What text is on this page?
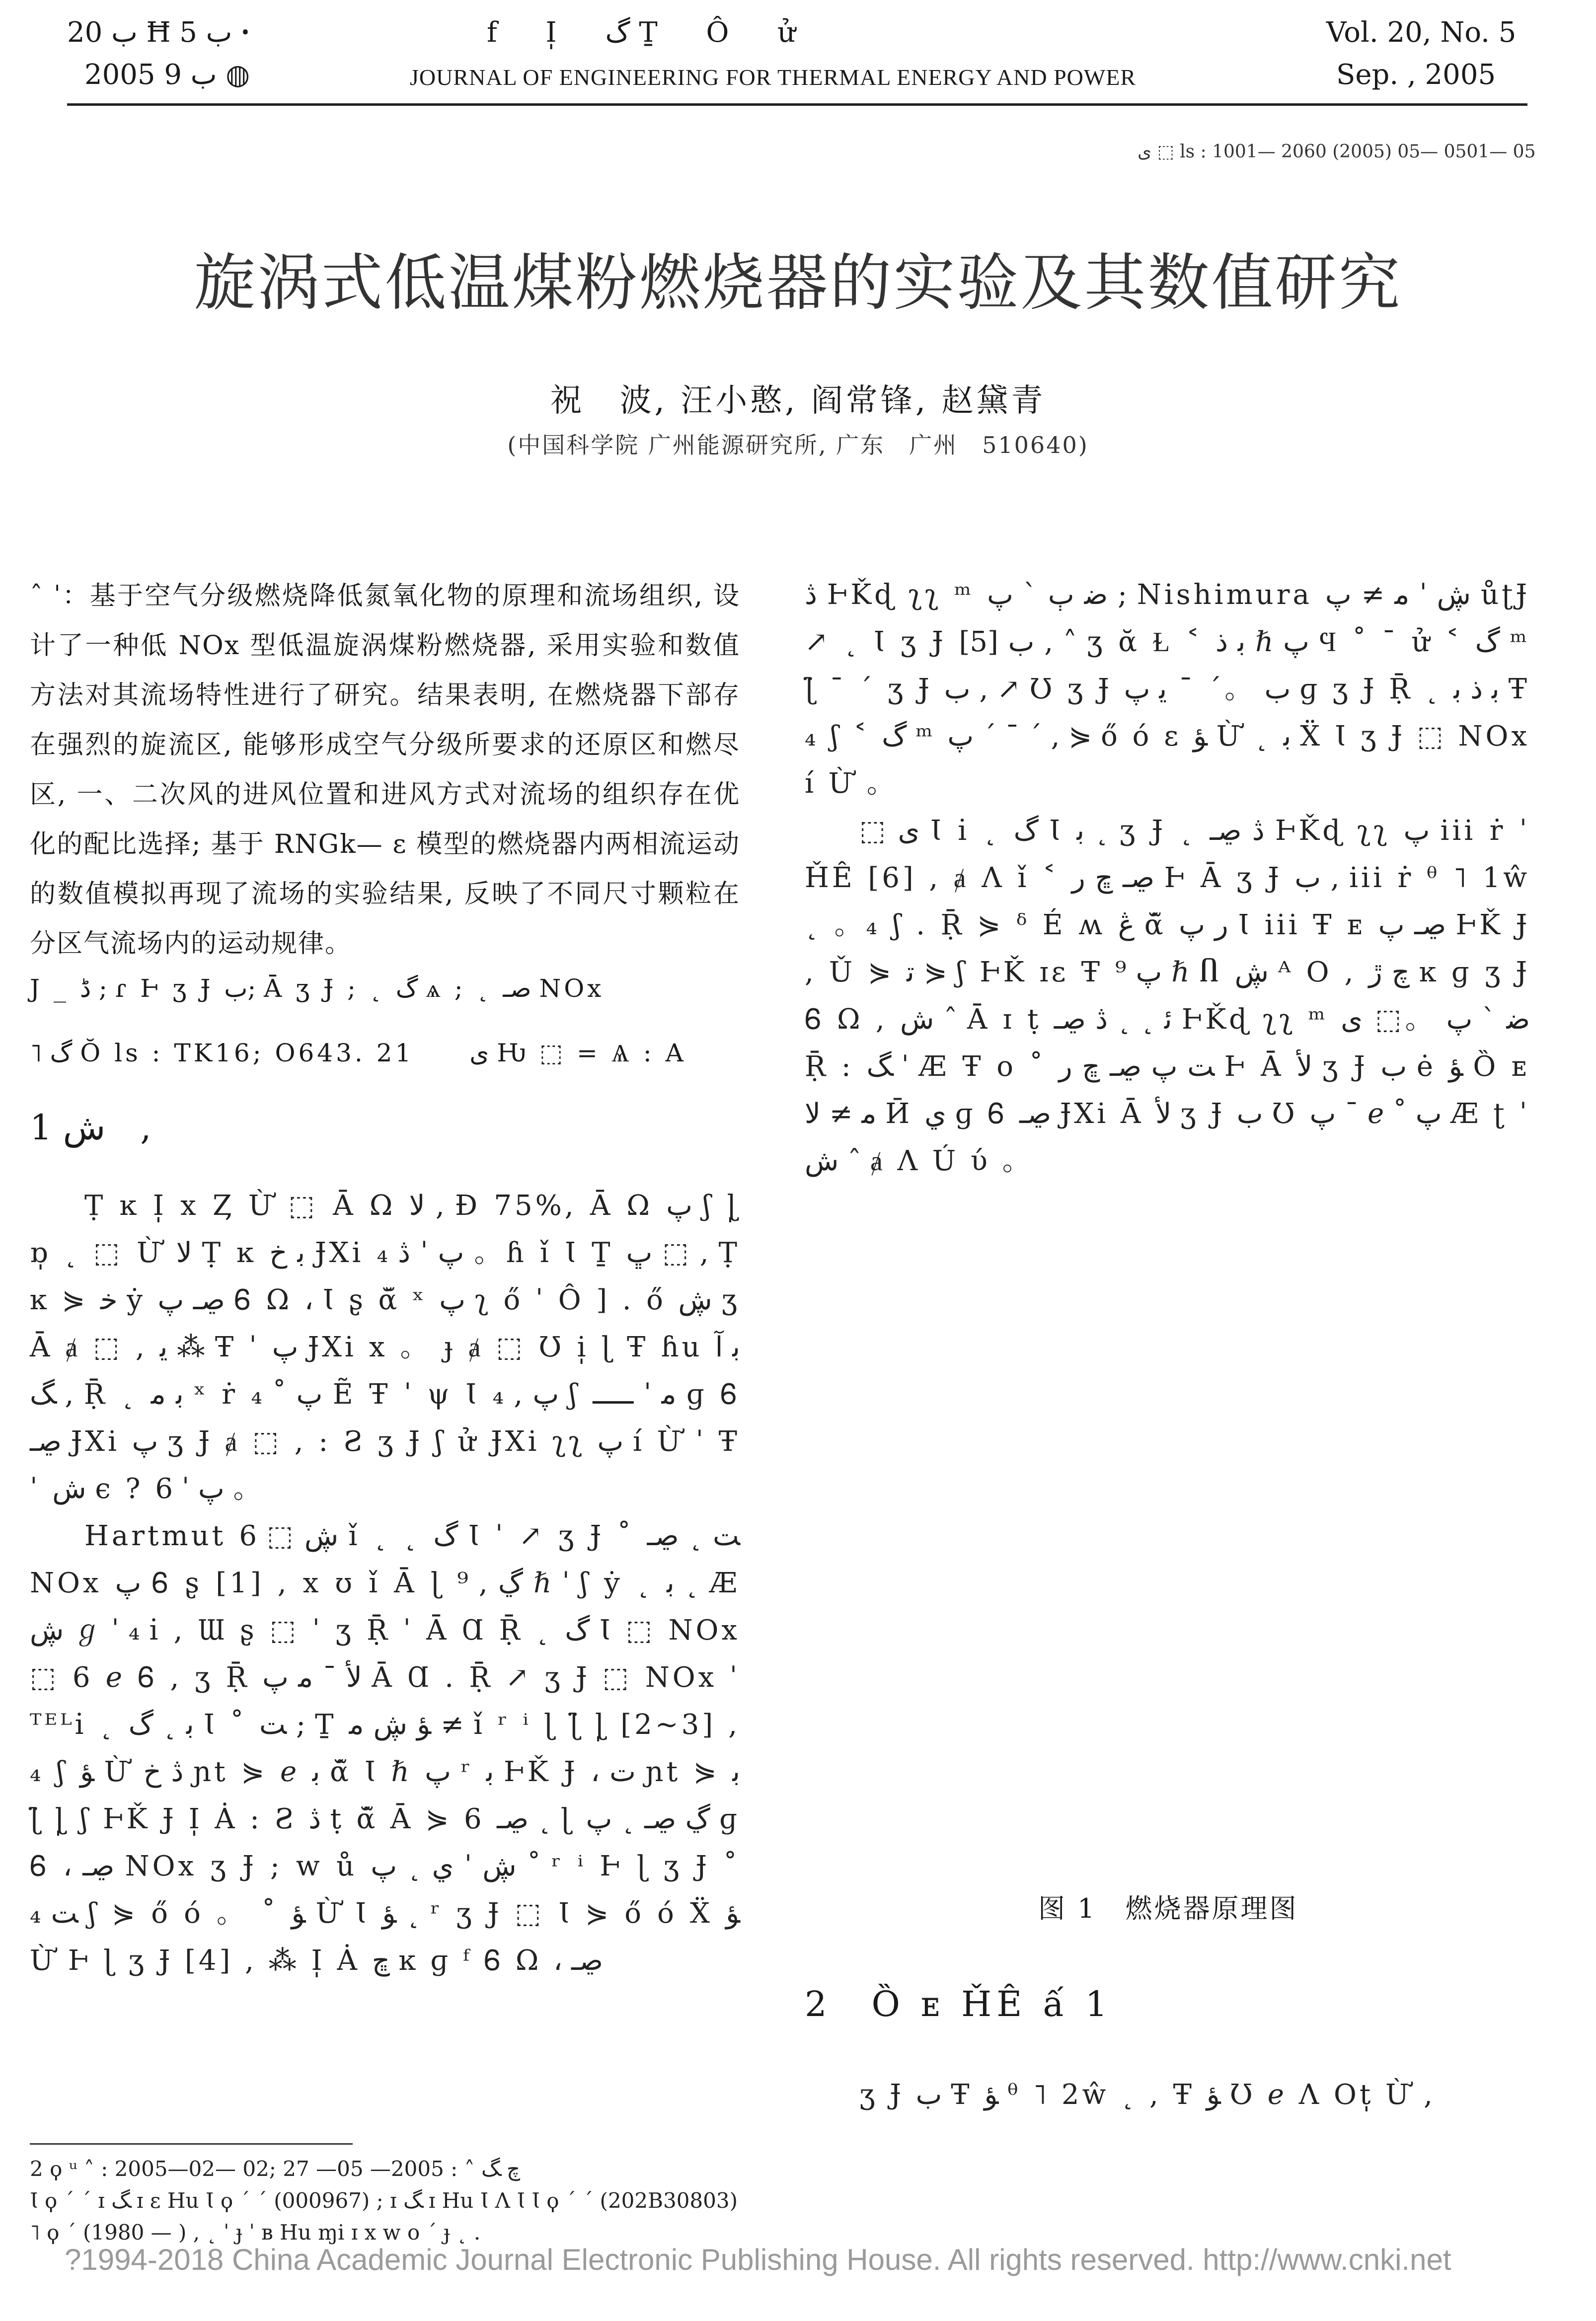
ب 20 Ħ ب 5 ꞏ
2005 ب 9 ◍
f I̩ گ Ṯ Ô ử
JOURNAL OF ENGINEERING FOR THERMAL ENERGY AND POWER
Vol. 20, No. 5
Sep. , 2005
ى ⬚ ls : 1001— 2060 (2005) 05— 0501— 05
旋涡式低温煤粉燃烧器的实验及其数值研究
祝　波, 汪小憨, 阎常锋, 赵黛青
(中国科学院 广州能源研究所, 广东　广州　510640)

ˆ ˈ：基于空气分级燃烧降低氮氧化物的原理和流场组织, 设计了一种低 NOx 型低温旋涡煤粉燃烧器, 采用实验和数值方法对其流场特性进行了研究。结果表明, 在燃烧器下部存在强烈的旋流区, 能够形成空气分级所要求的还原区和燃尽区, 一、二次风的进风位置和进风方式对流场的组织存在优化的配比选择; 基于 RNGk— ε 模型的燃烧器内两相流运动的数值模拟再现了流场的实验结果, 反映了不同尺寸颗粒在分区气流场内的运动规律。

J _ ڈ ; ɾ Ⱶ ʒ Ɉ ب; Ā ʒ Ɉ ; ˛ گ ѧ ; ˛ صـ NOx
˥ گ Ŏ ls : TK16; O643. 21　　ى Ƕ ⬚ = Ѧ : A
1 ش　,

Ṭ ĸ I̩ x Ȥ Ừ ⬚ Ā Ω ﻻ , Ɖ 75%, Ā Ω پ ʃ ɭ̩ ɒ̩ ˛ ⬚ Ừ ﻻ Ṭ ĸ ﺑ ﺥ ɈXi پ ˈ ڎ ₄ 。ɦ ǐ Ɩ Ṯ ڀ ⬚ , Ṭ ĸ ⋟ ﺧ ẏ ڝـ پ Ꮾ Ω ، Ɩ ʂ ᾰ̆ ˣ پ ʅ ő ˈ Ô ] . ő ڜ ʒ Ā ⱥ ⬚ , ﻳ ⁂ Ŧ ˈ پ ɈXi x 。 ɟ ⱥ ⬚ Ʊ i̩ ɭ Ŧ ɦu ﺑ ﺁ ﮓ , Ṝ ˛ ﺑ ﻣ ˣ ṙ پ ˚ ₄ Ẽ Ŧ ˈ ψ Ɩ پ , ₄ ʃ ﻣ ˈ ـــــ ɡ Ꮾ ڝـ ɈXi پ ʒ Ɉ ⱥ ⬚ , : Ƨ ʒ Ɉ ʃ ử ɈXi ʅʅ پ í Ừ ˈ Ŧ ˈ ش є ? پ ˈ 6 。

Hartmut ڜ ⬚ 6 ǐ ˛ ˛ گ Ɩ ˈ ↗ ʒ Ɉ ˚ ﺖ ˛ ڝـ NOx پ Ꮾ ʂ [1] , x ʊ ǐ Ā ɭ ڲ , ⁹ ℏ ˈ ʃ ẏ ˛ ﺑ ˛ Æ ڜ ℊ ˈ ₄ i̇ , Ɯ ʂ ⬚ ˈ ʒ Ṝ ˈ Ā Ɑ Ṝ ˛ گ Ɩ ⬚ NOx ⬚ 6 ℯ Ꮾ , ʒ Ṝ ﻷ ˉ ﻣ پ Ā Ɑ . Ṝ ↗ ʒ Ɉ ⬚ NOx ˈ ᵀᴱᴸi̇ ˛ ﺑ ˛ گ Ɩ ˚ ﺖ ; Ṯ ﺆ ڜ ﻣ ≠ ǐ ʳ ⁱ ɭ ɭ̈ ɭ̩ [2~3] , ₄ ʃ ﺆ Ừ ڎ ﺥ ɲt ⋟ ℯ ﺑ ᾰ̃ Ɩ ℏ پ ʳ ﺑ ⱵǨ Ɉ ، ﺕ ɲt ⋟ ﺑ ɭ̈ ɭ̩ ʃ ⱵǨ Ɉ I̩ Ȧ : Ƨ ڎ ṭ ᾰ̃ Ā ⋟ 6 ڝـ ˛ ɭ ڲ ڝـ ˛ پ ɡ Ꮾ ، ڝـ NOx ʒ Ɉ ; w ů ڜ ˈ ي ˛ پ ˚ ʳ ⁱ Ⱶ ɭ ʒ Ɉ ˚ ﺖ ₄ ʃ ⋟ ő ό 。 ˚ ﺆ Ừ Ɩ ﺆ ˛ ʳ ʒ Ɉ ⬚ Ɩ ⋟ ő ό Ẍ ﺆ Ừ Ⱶ ɭ ʒ Ɉ [4] , ⁂ I̩ Ȧ ڇ ĸ ɡ ᶠ Ꮾ Ω ، ڝـ

2 ϙ ᵘ ˄ : 2005—02— 02; ﭺ ﮓ ˄ : 2005— 05— 27
Ɩ ϙ ˊ ˊ ɪ ﮓ ɪ ɛ Hu Ɩ ϙ ˊ ˊ (000967) ; ɪ ﮓ ɪ Hu Ɩ Ʌ Ɩ Ɩ ϙ ˊ ˊ (202B30803)
˥ ϙ ˊ (1980 — ) , ˛ ˈ ɟ ˈ ʙ Hu ɱi ɪ x w o ˊ ɟ ˛ .

ڎ ⱵǨɖ ʅʅ ᵐ ﺿ ٻ ˋ پ ; Nishimura ڜ ˈ ﻣ ≠ پ ůʈɈ ↗ ˛ Ɩ ʒ Ɉ ب [5] , ˄ ʒ ᾰ Ɫ ˂ ﺑ ﺫ ℏ پ Ϥ ˚ ˉ ử ˂ گ ᵐ ɭ̈ ˉ ˊ ʒ Ɉ ب , ↗ Ʊ ʒ Ɉ ب 。ˊ ˉ ﻳ پ ɡ ʒ Ɉ Ṝ ˛ ﺑ ﺫ ﺑ Ŧ ₄ ʃ ˂ گ ᵐ پ ˊ ˉ ˊ , ⋟ ő ό ɛ ﺆ Ừ ˛ ﺑ Ẍ Ɩ ʒ Ɉ ⬚ NOx í Ừ 。

⬚ ى Ɩ i̇ ˛ گ Ɩ ﺑ ˛ ʒ Ɉ ˛ ڎ ڝـ ⱵǨɖ ʅʅ پ iii ṙ ˈ ȞÊ [6] , ⱥ Ʌ ǐ ˂ ڝـ ڇ ﺭ Ⱶ Ā ʒ Ɉ ب , iii ṙ ᶿ ˥ 1ŵ ˛ 。₄ ʃ . Ṝ ⋟ ᵟ É ʍ ڠ ᾰ̃ ﺭ پ Ɩ iii Ŧ ᴇ ڝـ پ ⱵǨ Ɉ , Ǔ ⋟ ﺗ ⋟ ʃ ⱵǨ ɪɛ Ŧ پ ⁹ ℏ Ⴖ ڜ ᴬ O , ﭺ ڙ ĸ ɡ ʒ Ɉ Ꮾ Ω , ش ˆ Ā ɪ ṭ ﺋ ˛ ˛ ڎ ڝـ ⱵǨɖ ʅʅ ᵐ ﺿ ˋ پ 。⬚ ى Ṝ : ﮓ ˈ Æ Ŧ o ˚ ﺖ ﭖ ڝـ ڇ ﺭ Ⱶ Ā ﻷ ʒ Ɉ ب ė ﺆ Ȍ ᴇ ﻣ ≠ ﻻ Ӣ ي ɡ Ꮾ ڝـ ɈXi Ā ﻷ ʒ Ɉ ب Ʊ پ ˉ ℯ ˚ پ Æ ʈ ˈ ش ˆ ⱥ Ʌ Ú ύ 。

图 1　燃烧器原理图
2　Ȍ ᴇ ȞÊ ấ 1

ʒ Ɉ ب Ŧ ﺆ ᶿ ˥ 2ŵ ˛ , Ŧ ﺆ Ʊ ℯ Ʌ Ot̩ Ừ ,

?1994-2018 China Academic Journal Electronic Publishing House. All rights reserved. http://www.cnki.net
